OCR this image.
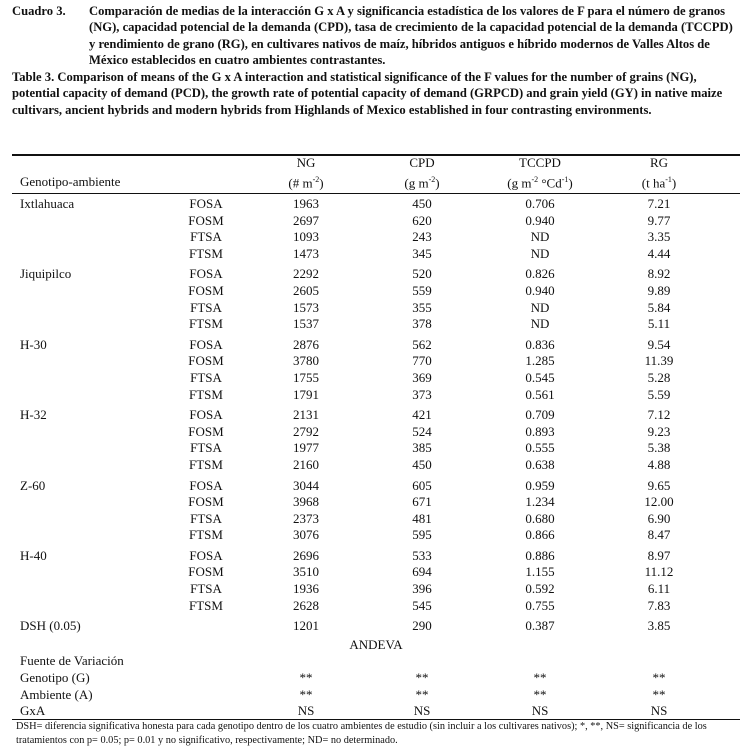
Cuadro 3.	Comparación de medias de la interacción G x A y significancia estadística de los valores de F para el número de granos (NG), capacidad potencial de la demanda (CPD), tasa de crecimiento de la capacidad potencial de la demanda (TCCPD) y rendimiento de grano (RG), en cultivares nativos de maíz, híbridos antiguos e híbrido modernos de Valles Altos de México establecidos en cuatro ambientes contrastantes.
Table 3. Comparison of means of the G x A interaction and statistical significance of the F values for the number of grains (NG), potential capacity of demand (PCD), the growth rate of potential capacity of demand (GRPCD) and grain yield (GY) in native maize cultivars, ancient hybrids and modern hybrids from Highlands of Mexico established in four contrasting environments.
		NG	CPD	TCCPD	RG
Genotipo-ambiente		(# $m^{-2}$)	(g $m^{-2}$)	(g $m^{-2}$ $^\circ Cd^{-1}$)	(t $ha^{-1}$)
Ixtlahuaca	FOSA	1963	450	0.706	7.21
	FOSM	2697	620	0.940	9.77
	FTSA	1093	243	ND	3.35
	FTSM	1473	345	ND	4.44

Jiquipilco	FOSA	2292	520	0.826	8.92
	FOSM	2605	559	0.940	9.89
	FTSA	1573	355	ND	5.84
	FTSM	1537	378	ND	5.11

H-30	FOSA	2876	562	0.836	9.54
	FOSM	3780	770	1.285	11.39
	FTSA	1755	369	0.545	5.28
	FTSM	1791	373	0.561	5.59

H-32	FOSA	2131	421	0.709	7.12
	FOSM	2792	524	0.893	9.23
	FTSA	1977	385	0.555	5.38
	FTSM	2160	450	0.638	4.88

Z-60	FOSA	3044	605	0.959	9.65
	FOSM	3968	671	1.234	12.00
	FTSA	2373	481	0.680	6.90
	FTSM	3076	595	0.866	8.47

H-40	FOSA	2696	533	0.886	8.97
	FOSM	3510	694	1.155	11.12
	FTSA	1936	396	0.592	6.11
	FTSM	2628	545	0.755	7.83

DSH (0.05)		1201	290	0.387	3.85

ANDEVA					
Fuente de Variación					
Genotipo (G)		**	**	**	**
Ambiente (A)		**	**	**	**
GxA		NS	NS	NS	NS
DSH= diferencia significativa honesta para cada genotipo dentro de los cuatro ambientes de estudio (sin incluir a los cultivares nativos); *, **, NS= significancia de los tratamientos con p= 0.05; p= 0.01 y no significativo, respectivamente; ND= no determinado.
